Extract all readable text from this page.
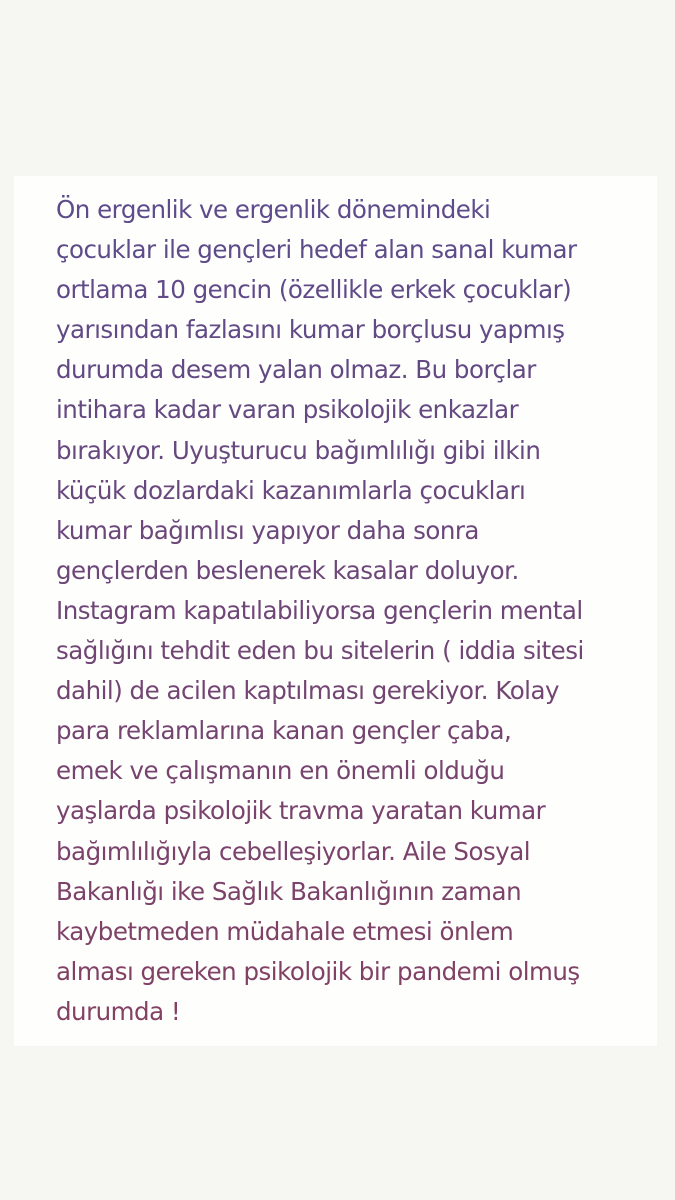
Ön ergenlik ve ergenlik dönemindeki
çocuklar ile gençleri hedef alan sanal kumar
ortlama 10 gencin (özellikle erkek çocuklar)
yarısından fazlasını kumar borçlusu yapmış
durumda desem yalan olmaz. Bu borçlar
intihara kadar varan psikolojik enkazlar
bırakıyor. Uyuşturucu bağımlılığı gibi ilkin
küçük dozlardaki kazanımlarla çocukları
kumar bağımlısı yapıyor daha sonra
gençlerden beslenerek kasalar doluyor.
Instagram kapatılabiliyorsa gençlerin mental
sağlığını tehdit eden bu sitelerin ( iddia sitesi
dahil) de acilen kaptılması gerekiyor. Kolay
para reklamlarına kanan gençler çaba,
emek ve çalışmanın en önemli olduğu
yaşlarda psikolojik travma yaratan kumar
bağımlılığıyla cebelleşiyorlar. Aile Sosyal
Bakanlığı ike Sağlık Bakanlığının zaman
kaybetmeden müdahale etmesi önlem
alması gereken psikolojik bir pandemi olmuş
durumda !
